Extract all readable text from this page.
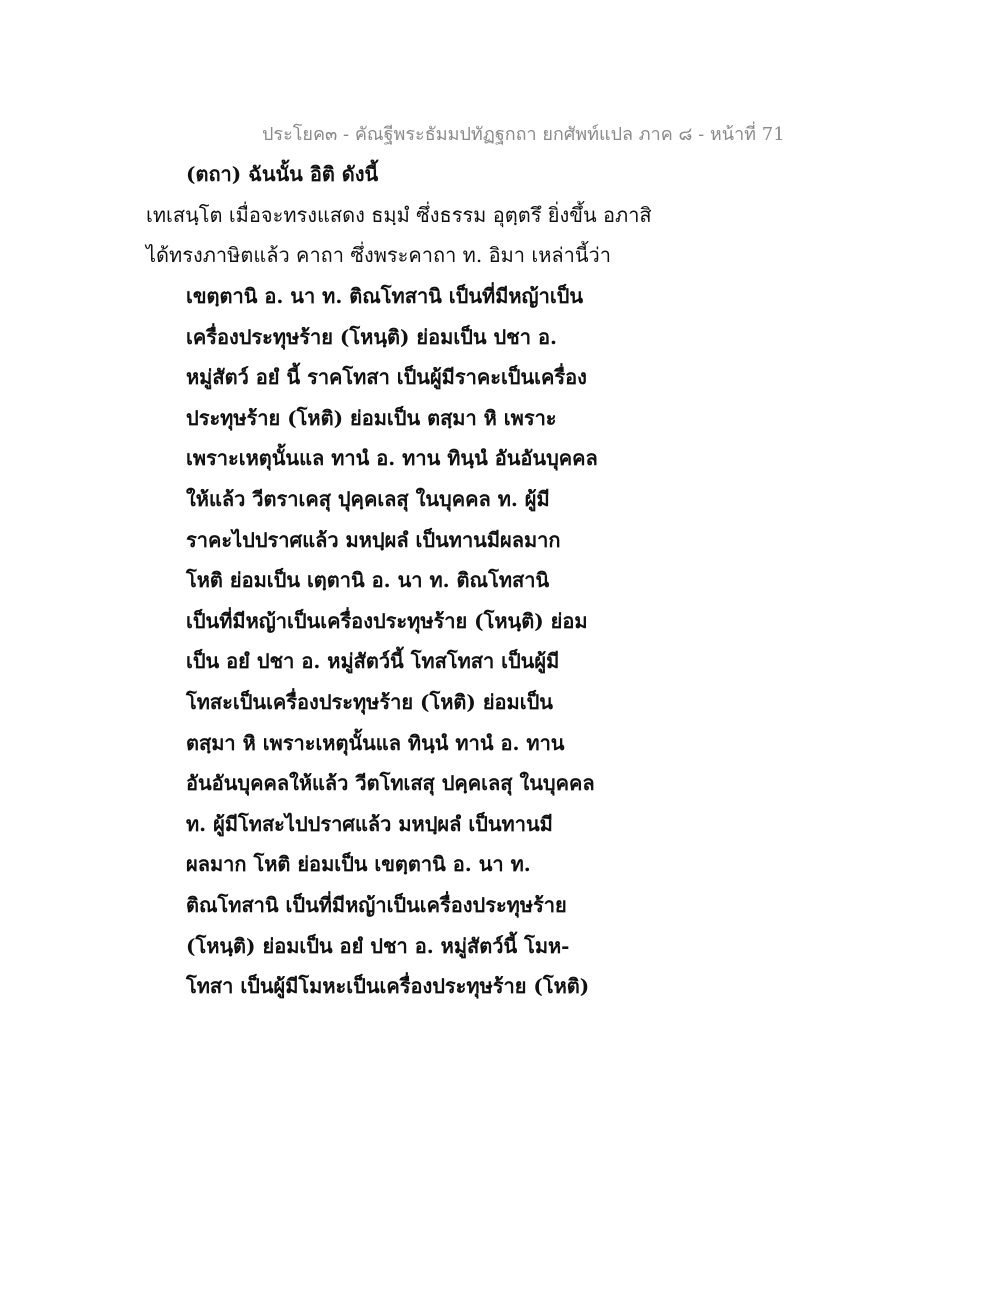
ประโยค๓ - คัณฐีพระธัมมปทัฏฐกถา ยกศัพท์แปล ภาค ๘ - หน้าที่ 71
(ตถา) ฉันนั้น อิติ ดังนี้
เทเสนฺโต เมื่อจะทรงแสดง ธมฺมํ ซึ่งธรรม อุตฺตรึ ยิ่งขึ้น อภาสิ
ได้ทรงภาษิตแล้ว คาถา ซึ่งพระคาถา ท. อิมา เหล่านี้ว่า
เขตฺตานิ อ. นา ท. ติณโทสานิ เป็นที่มีหญ้าเป็น
เครื่องประทุษร้าย (โหนฺติ) ย่อมเป็น ปชา อ.
หมู่สัตว์ อยํ นี้ ราคโทสา เป็นผู้มีราคะเป็นเครื่อง
ประทุษร้าย (โหติ) ย่อมเป็น ตสฺมา หิ เพราะ
เพราะเหตุนั้นแล ทานํ อ. ทาน ทินฺนํ อันอันบุคคล
ให้แล้ว วีตราเคสุ ปุคฺคเลสุ ในบุคคล ท. ผู้มี
ราคะไปปราศแล้ว มหปฺผลํ เป็นทานมีผลมาก
โหติ ย่อมเป็น เตฺตานิ อ. นา ท. ติณโทสานิ
เป็นที่มีหญ้าเป็นเครื่องประทุษร้าย (โหนฺติ) ย่อม
เป็น อยํ ปชา อ. หมู่สัตว์นี้ โทสโทสา เป็นผู้มี
โทสะเป็นเครื่องประทุษร้าย (โหติ) ย่อมเป็น
ตสฺมา หิ เพราะเหตุนั้นแล ทินฺนํ ทานํ อ. ทาน
อันอันบุคคลให้แล้ว วีตโทเสสุ ปคฺคเลสุ ในบุคคล
ท. ผู้มีโทสะไปปราศแล้ว มหปฺผลํ เป็นทานมี
ผลมาก โหติ ย่อมเป็น เขตฺตานิ อ. นา ท.
ติณโทสานิ เป็นที่มีหญ้าเป็นเครื่องประทุษร้าย
(โหนฺติ) ย่อมเป็น อยํ ปชา อ. หมู่สัตว์นี้ โมห-
โทสา เป็นผู้มีโมหะเป็นเครื่องประทุษร้าย (โหติ)
